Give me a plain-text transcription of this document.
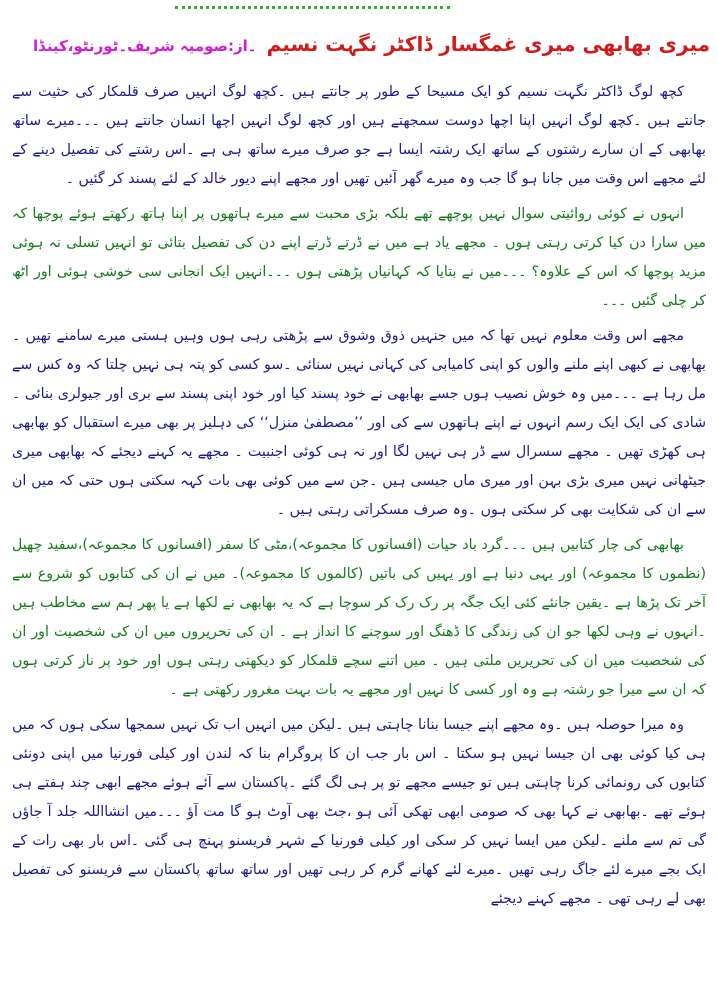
میری بھابھی میری غمگسار ڈاکٹر نگہت نسیم۔از:صومیہ شریف۔ٹورنٹو،کینڈا

کچھ لوگ ڈاکٹر نگہت نسیم کو ایک مسیحا کے طور پر جانتے ہیں ۔کچھ لوگ انہیں صرف قلمکار کی حثیت سے جانتے ہیں ۔کچھ لوگ انہیں اپنا اچھا دوست سمجھتے ہیں اور کچھ لوگ انہیں اچھا انسان جانتے ہیں ۔۔۔میرے ساتھ بھابھی کے ان سارے رشتوں کے ساتھ ایک رشتہ ایسا ہے جو صرف میرے ساتھ ہی ہے ۔اس رشتے کی تفصیل دینے کے لئے مجھے اس وقت میں جانا ہو گا جب وہ میرے گھر آئیں تھیں اور مجھے اپنے دیور خالد کے لئے پسند کر گئیں ۔

انہوں نے کوئی روائیتی سوال نہیں پوچھے تھے بلکہ بڑی محبت سے میرے ہاتھوں پر اپنا ہاتھ رکھتے ہوئے پوچھا کہ میں سارا دن کیا کرتی رہتی ہوں ۔ مجھے یاد ہے میں نے ڈرتے ڈرتے اپنے دن کی تفصیل بتائی تو انہیں تسلی نہ ہوئی مزید پوچھا کہ اس کے علاوہ؟ ۔۔۔میں نے بتایا کہ کہانیاں پڑھتی ہوں ۔۔۔انہیں ایک انجانی سی خوشی ہوئی اور اٹھ کر چلی گئیں ۔۔۔

مجھے اس وقت معلوم نہیں تھا کہ میں جنہیں ذوق وشوق سے پڑھتی رہی ہوں وہیں ہستی میرے سامنے تھیں ۔بھابھی نے کبھی اپنے ملنے والوں کو اپنی کامیابی کی کہانی نہیں سنائی ۔سو کسی کو پتہ ہی نہیں چلتا کہ وہ کس سے مل رہا ہے ۔۔۔میں وہ خوش نصیب ہوں جسے بھابھی نے خود پسند کیا اور خود اپنی پسند سے بری اور جیولری بنائی ۔شادی کی ایک ایک رسم انہوں نے اپنے ہاتھوں سے کی اور ’’مصطفیٰ منزل‘‘ کی دہلیز پر بھی میرے استقبال کو بھابھی ہی کھڑی تھیں ۔ مجھے سسرال سے ڈر ہی نہیں لگا اور نہ ہی کوئی اجنبیت ۔ مجھے یہ کہنے دیجئے کہ بھابھی میری جیٹھانی نہیں میری بڑی بہن اور میری ماں جیسی ہیں ۔جن سے میں کوئی بھی بات کہہ سکتی ہوں حتی کہ میں ان سے ان کی شکایت بھی کر سکتی ہوں ۔وہ صرف مسکراتی رہتی ہیں ۔

بھابھی کی چار کتابیں ہیں ۔۔۔گرد باد حیات (افسانوں کا مجموعہ)،مٹی کا سفر (افسانوں کا مجموعہ)،سفید چھیل (نظموں کا مجموعہ) اور یہی دنیا ہے اور یہیں کی باتیں (کالموں کا مجموعہ)۔ میں نے ان کی کتابوں کو شروع سے آخر تک پڑھا ہے ۔یقین جانئے کئی ایک جگہ پر رک رک کر سوچا ہے کہ یہ بھابھی نے لکھا ہے یا پھر ہم سے مخاطب ہیں ۔انہوں نے وہی لکھا جو ان کی زندگی کا ڈھنگ اور سوچنے کا انداز ہے ۔ ان کی تحریروں میں ان کی شخصیت اور ان کی شخصیت میں ان کی تحریریں ملتی ہیں ۔ میں اتنے سچے قلمکار کو دیکھتی رہتی ہوں اور خود پر ناز کرتی ہوں کہ ان سے میرا جو رشتہ ہے وہ اور کسی کا نہیں اور مجھے یہ بات بہت مغرور رکھتی ہے ۔

وہ میرا حوصلہ ہیں ۔وہ مجھے اپنے جیسا بنانا چاہتی ہیں ۔لیکن میں انہیں اب تک نہیں سمجھا سکی ہوں کہ میں ہی کیا کوئی بھی ان جیسا نہیں ہو سکتا ۔ اس بار جب ان کا پروگرام بنا کہ لندن اور کیلی فورنیا میں اپنی دونئی کتابوں کی رونمائی کرنا چاہتی ہیں تو جیسے مجھے تو پر ہی لگ گئے ۔پاکستان سے آئے ہوئے مجھے ابھی چند ہفتے ہی ہوئے تھے ۔بھابھی نے کہا بھی کہ صومی ابھی تھکی آئی ہو ،جٹ بھی آوٹ ہو گا مت آؤ ۔۔۔میں انشااللہ جلد آ جاؤں گی تم سے ملنے ۔لیکن میں ایسا نہیں کر سکی اور کیلی فورنیا کے شہر فریسنو پہنچ ہی گئی ۔اس بار بھی رات کے ایک بجے میرے لئے جاگ رہی تھیں ۔میرے لئے کھانے گرم کر رہی تھیں اور ساتھ ساتھ پاکستان سے فریسنو کی تفصیل بھی لے رہی تھی ۔ مجھے کہنے دیجئے
